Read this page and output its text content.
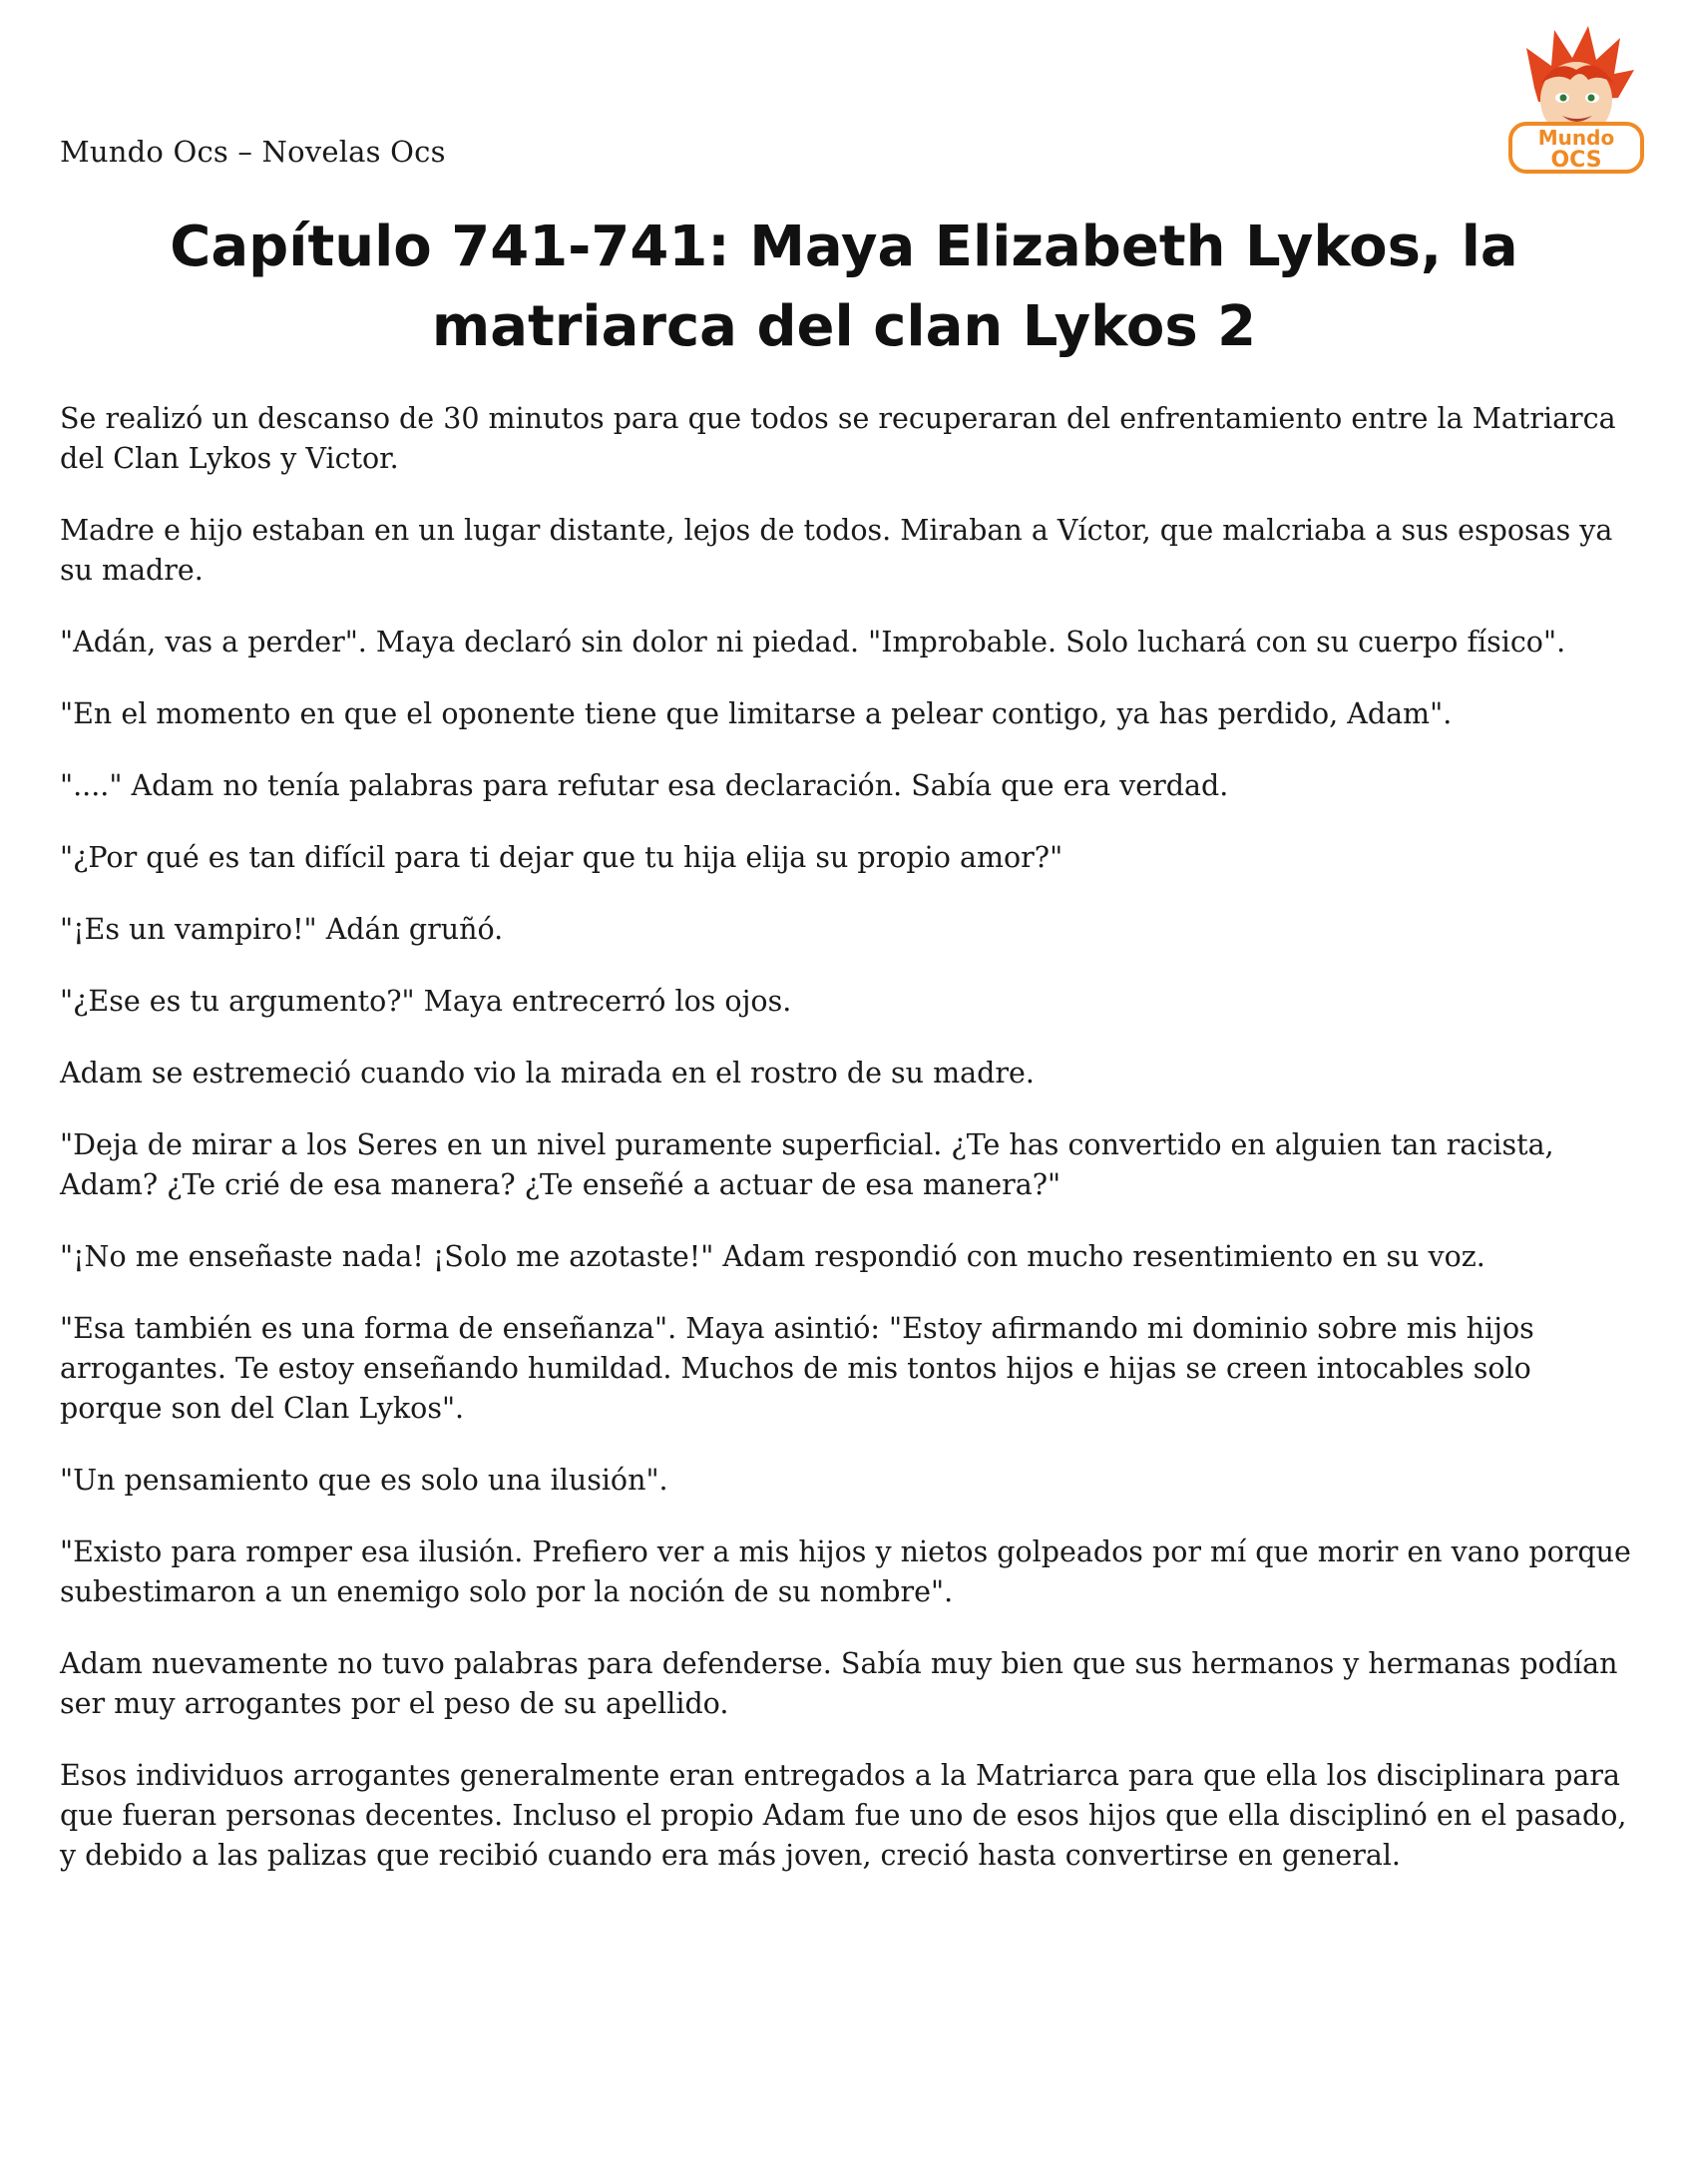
Mundo Ocs – Novelas Ocs	Mundo
OCS
Capítulo 741-741: Maya Elizabeth Lykos, la matriarca del clan Lykos 2

Se realizó un descanso de 30 minutos para que todos se recuperaran del enfrentamiento entre la Matriarca del Clan Lykos y Victor.

Madre e hijo estaban en un lugar distante, lejos de todos. Miraban a Víctor, que malcriaba a sus esposas ya su madre.

"Adán, vas a perder". Maya declaró sin dolor ni piedad. "Improbable. Solo luchará con su cuerpo físico".

"En el momento en que el oponente tiene que limitarse a pelear contigo, ya has perdido, Adam".

"...." Adam no tenía palabras para refutar esa declaración. Sabía que era verdad.

"¿Por qué es tan difícil para ti dejar que tu hija elija su propio amor?"

"¡Es un vampiro!" Adán gruñó.

"¿Ese es tu argumento?" Maya entrecerró los ojos.

Adam se estremeció cuando vio la mirada en el rostro de su madre.

"Deja de mirar a los Seres en un nivel puramente superficial. ¿Te has convertido en alguien tan racista, Adam? ¿Te crié de esa manera? ¿Te enseñé a actuar de esa manera?"

"¡No me enseñaste nada! ¡Solo me azotaste!" Adam respondió con mucho resentimiento en su voz.

"Esa también es una forma de enseñanza". Maya asintió: "Estoy afirmando mi dominio sobre mis hijos arrogantes. Te estoy enseñando humildad. Muchos de mis tontos hijos e hijas se creen intocables solo porque son del Clan Lykos".

"Un pensamiento que es solo una ilusión".

"Existo para romper esa ilusión. Prefiero ver a mis hijos y nietos golpeados por mí que morir en vano porque subestimaron a un enemigo solo por la noción de su nombre".

Adam nuevamente no tuvo palabras para defenderse. Sabía muy bien que sus hermanos y hermanas podían ser muy arrogantes por el peso de su apellido.

Esos individuos arrogantes generalmente eran entregados a la Matriarca para que ella los disciplinara para que fueran personas decentes. Incluso el propio Adam fue uno de esos hijos que ella disciplinó en el pasado, y debido a las palizas que recibió cuando era más joven, creció hasta convertirse en general.
